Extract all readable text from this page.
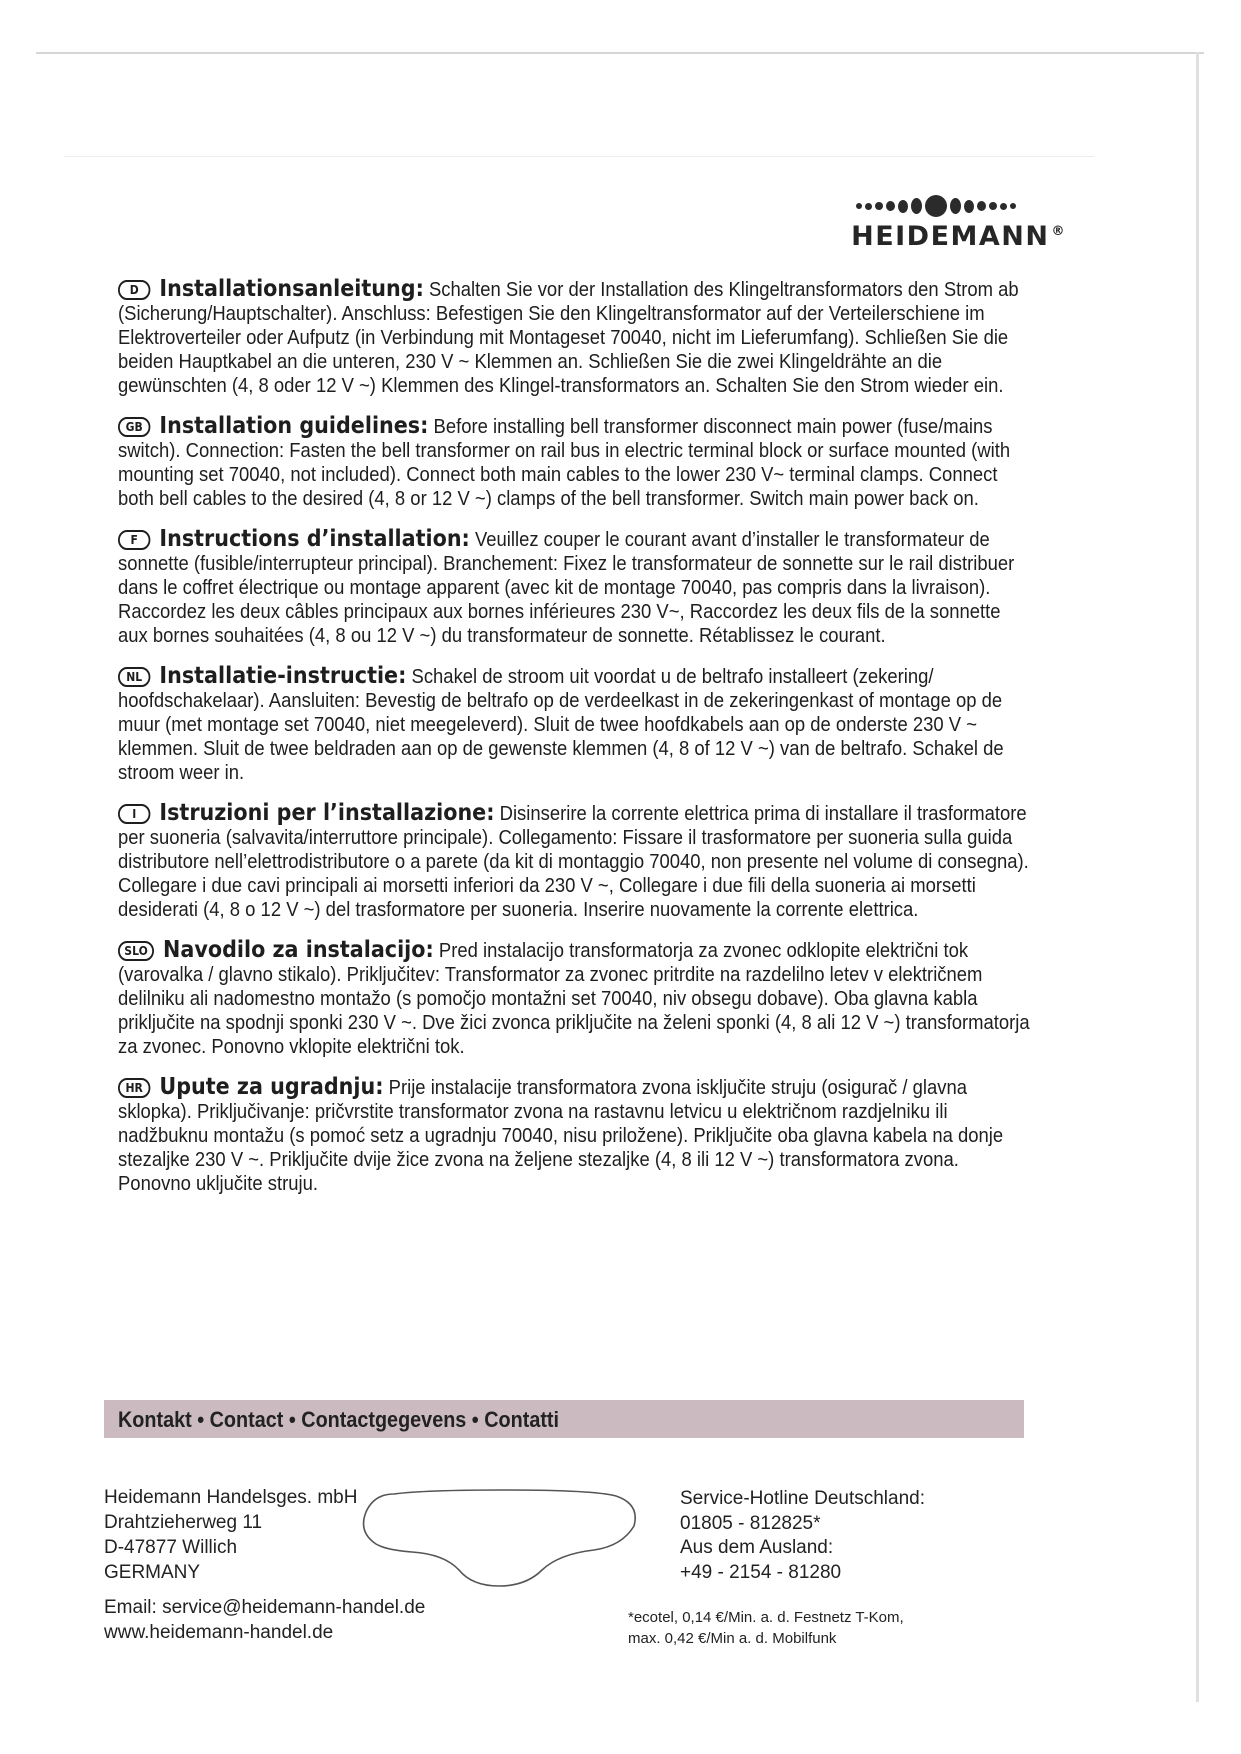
HEIDEMANN ®
D Installationsanleitung: Schalten Sie vor der Installation des Klingeltransformators den Strom ab (Sicherung/Hauptschalter). Anschluss: Befestigen Sie den Klingeltransformator auf der Verteilerschiene im Elektroverteiler oder Aufputz (in Verbindung mit Montageset 70040, nicht im Lieferumfang). Schließen Sie die beiden Hauptkabel an die unteren, 230 V ~ Klemmen an. Schließen Sie die zwei Klingeldrähte an die gewünschten (4, 8 oder 12 V ~) Klemmen des Klingel-transformators an. Schalten Sie den Strom wieder ein.
GB Installation guidelines: Before installing bell transformer disconnect main power (fuse/mains switch). Connection: Fasten the bell transformer on rail bus in electric terminal block or surface mounted (with mounting set 70040, not included). Connect both main cables to the lower 230 V~ terminal clamps. Connect both bell cables to the desired (4, 8 or 12 V ~) clamps of the bell transformer. Switch main power back on.
F Instructions d’installation: Veuillez couper le courant avant d’installer le transformateur de sonnette (fusible/interrupteur principal). Branchement: Fixez le transformateur de sonnette sur le rail distribuer dans le coffret électrique ou montage apparent (avec kit de montage 70040, pas compris dans la livraison). Raccordez les deux câbles principaux aux bornes inférieures 230 V~, Raccordez les deux fils de la sonnette aux bornes souhaitées (4, 8 ou 12 V ~) du transformateur de sonnette. Rétablissez le courant.
NL Installatie-instructie: Schakel de stroom uit voordat u de beltrafo installeert (zekering/ hoofdschakelaar). Aansluiten: Bevestig de beltrafo op de verdeelkast in de zekeringenkast of montage op de muur (met montage set 70040, niet meegeleverd). Sluit de twee hoofdkabels aan op de onderste 230 V ~ klemmen. Sluit de twee beldraden aan op de gewenste klemmen (4, 8 of 12 V ~) van de beltrafo. Schakel de stroom weer in.
I Istruzioni per l’installazione: Disinserire la corrente elettrica prima di installare il trasformatore per suoneria (salvavita/interruttore principale). Collegamento: Fissare il trasformatore per suoneria sulla guida distributore nell’elettrodistributore o a parete (da kit di montaggio 70040, non presente nel volume di consegna). Collegare i due cavi principali ai morsetti inferiori da 230 V ~, Collegare i due fili della suoneria ai morsetti desiderati (4, 8 o 12 V ~) del trasformatore per suoneria. Inserire nuovamente la corrente elettrica.
SLO Navodilo za instalacijo: Pred instalacijo transformatorja za zvonec odklopite električni tok (varovalka / glavno stikalo). Priključitev: Transformator za zvonec pritrdite na razdelilno letev v električnem delilniku ali nadomestno montažo (s pomočjo montažni set 70040, niv obsegu dobave). Oba glavna kabla priključite na spodnji sponki 230 V ~. Dve žici zvonca priključite na želeni sponki (4, 8 ali 12 V ~) transformatorja za zvonec. Ponovno vklopite električni tok.
HR Upute za ugradnju: Prije instalacije transformatora zvona isključite struju (osigurač / glavna sklopka). Priključivanje: pričvrstite transformator zvona na rastavnu letvicu u električnom razdjelniku ili nadžbuknu montažu (s pomoć setz a ugradnju 70040, nisu priložene). Priključite oba glavna kabela na donje stezaljke 230 V ~. Priključite dvije žice zvona na željene stezaljke (4, 8 ili 12 V ~) transformatora zvona. Ponovno uključite struju.
Kontakt • Contact • Contactgegevens • Contatti
Heidemann Handelsges. mbH
Drahtzieherweg 11
D-47877 Willich
GERMANY
Email: service@heidemann-handel.de
www.heidemann-handel.de
Service-Hotline Deutschland:
01805 - 812825*
Aus dem Ausland:
+49 - 2154 - 81280
*ecotel, 0,14 €/Min. a. d. Festnetz T-Kom,
max. 0,42 €/Min a. d. Mobilfunk
